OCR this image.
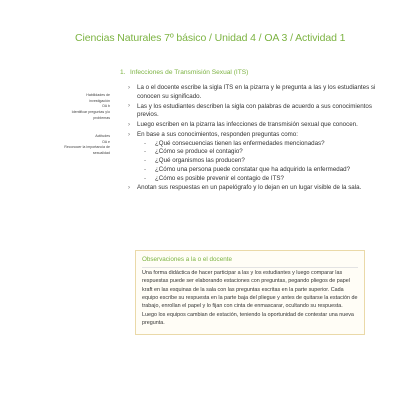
Ciencias Naturales 7º básico / Unidad 4 / OA 3 / Actividad 1
1. Infecciones de Transmisión Sexual (ITS)
Habilidades de
investigación
OA b
Identificar preguntas y/o
problemas
Actitudes
OA e
Reconocer la importancia de
sexualidad
› La o el docente escribe la sigla ITS en la pizarra y le pregunta a las y los estudiantes si conocen su significado.
› Las y los estudiantes describen la sigla con palabras de acuerdo a sus conocimientos previos.
› Luego escriben en la pizarra las infecciones de transmisión sexual que conocen.
› En base a sus conocimientos, responden preguntas como:
- ¿Qué consecuencias tienen las enfermedades mencionadas?
- ¿Cómo se produce el contagio?
- ¿Qué organismos las producen?
- ¿Cómo una persona puede constatar que ha adquirido la enfermedad?
- ¿Cómo es posible prevenir el contagio de ITS?
› Anotan sus respuestas en un papelógrafo y lo dejan en un lugar visible de la sala.
Observaciones a la o el docente
Una forma didáctica de hacer participar a las y los estudiantes y luego comparar las respuestas puede ser elaborando estaciones con preguntas, pegando pliegos de papel kraft en las esquinas de la sala con las preguntas escritas en la parte superior. Cada equipo escribe su respuesta en la parte baja del pliegue y antes de quitarse la estación de trabajo, enrollan el papel y lo fijan con cinta de enmascarar, ocultando su respuesta. Luego los equipos cambian de estación, teniendo la oportunidad de contestar una nueva pregunta.
